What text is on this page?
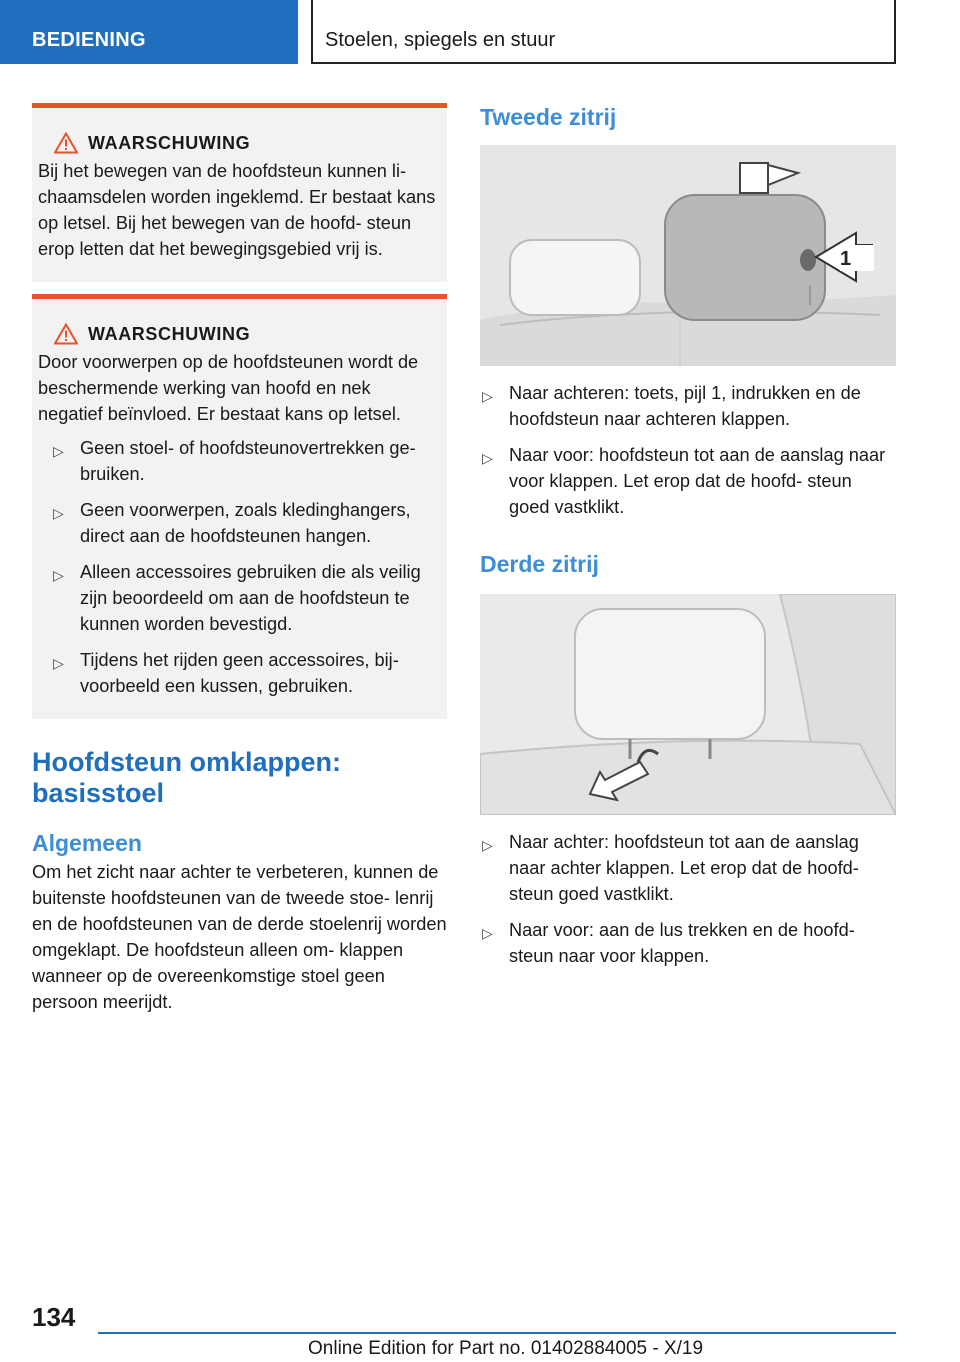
BEDIENING	Stoelen, spiegels en stuur
WAARSCHUWING

Bij het bewegen van de hoofdsteun kunnen li‐ chaamsdelen worden ingeklemd. Er bestaat kans op letsel. Bij het bewegen van de hoofd‐ steun erop letten dat het bewegingsgebied vrij is.

WAARSCHUWING

Door voorwerpen op de hoofdsteunen wordt de beschermende werking van hoofd en nek negatief beïnvloed. Er bestaat kans op letsel.

▷ Geen stoel- of hoofdsteunovertrekken ge‐ bruiken.
▷ Geen voorwerpen, zoals kledinghangers, direct aan de hoofdsteunen hangen.
▷ Alleen accessoires gebruiken die als veilig zijn beoordeeld om aan de hoofdsteun te kunnen worden bevestigd.
▷ Tijdens het rijden geen accessoires, bij‐ voorbeeld een kussen, gebruiken.
Hoofdsteun omklappen: basisstoel
Algemeen

Om het zicht naar achter te verbeteren, kunnen de buitenste hoofdsteunen van de tweede stoe‐ lenrij en de hoofdsteunen van de derde stoelenrij worden omgeklapt. De hoofdsteun alleen om‐ klappen wanneer op de overeenkomstige stoel geen persoon meerijdt.

Tweede zitrij
1
▷ Naar achteren: toets, pijl 1, indrukken en de hoofdsteun naar achteren klappen.
▷ Naar voor: hoofdsteun tot aan de aanslag naar voor klappen. Let erop dat de hoofd‐ steun goed vastklikt.
Derde zitrij
▷ Naar achter: hoofdsteun tot aan de aanslag naar achter klappen. Let erop dat de hoofd‐ steun goed vastklikt.
▷ Naar voor: aan de lus trekken en de hoofd‐ steun naar voor klappen.
134
Online Edition for Part no. 01402884005 - X/19
